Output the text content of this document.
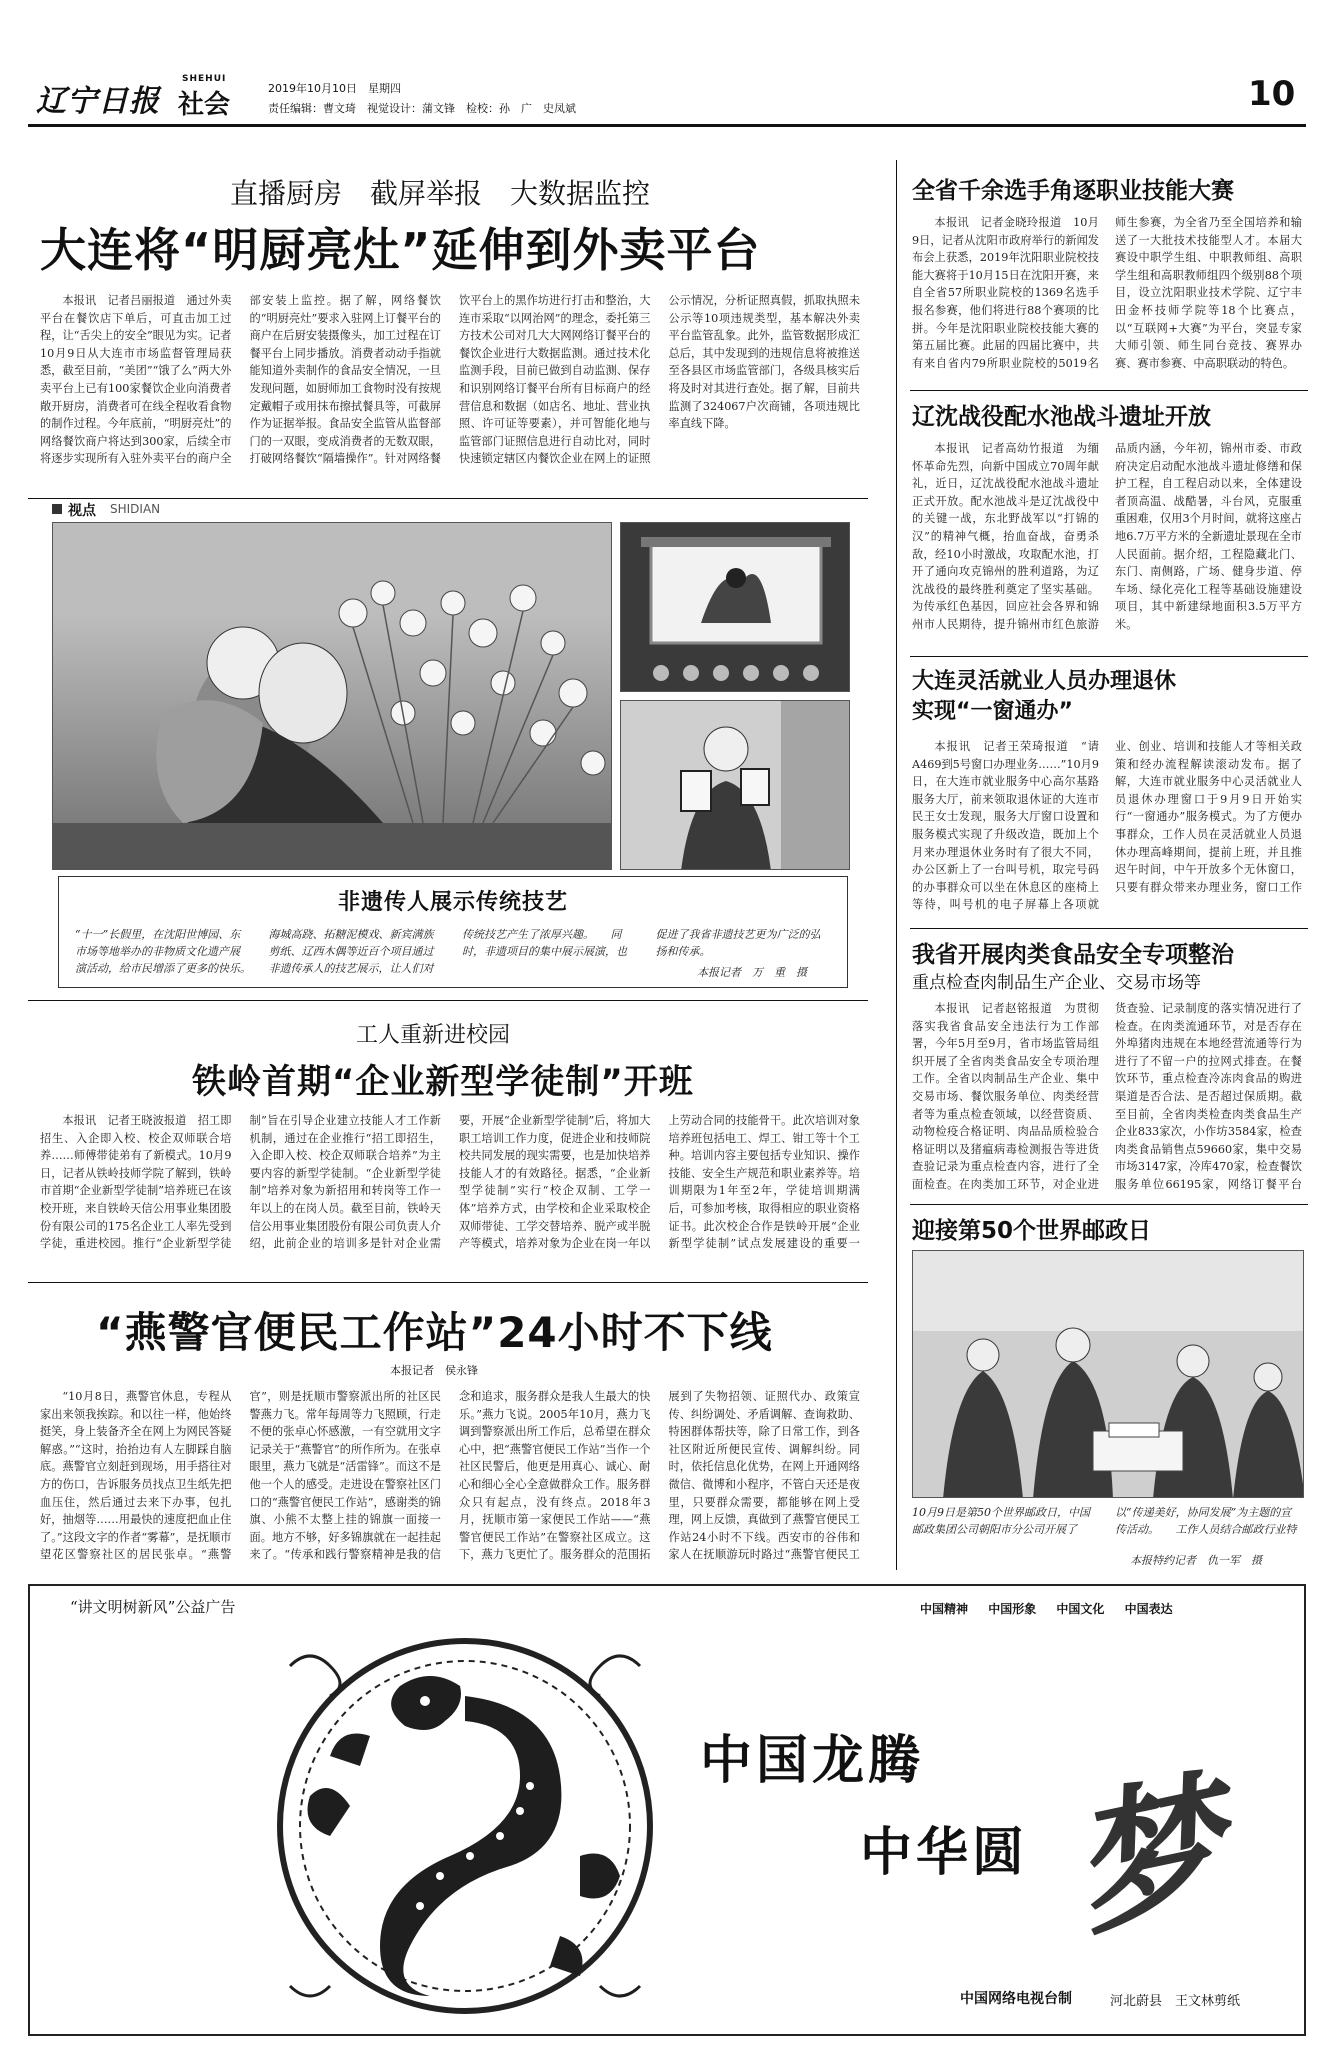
辽宁日报
SHEHUI
社会
2019年10月10日　星期四
责任编辑：曹文琦　视觉设计：蒲文锋　检校：孙　广　史凤斌	10
直播厨房　截屏举报　大数据监控
大连将“明厨亮灶”延伸到外卖平台
本报讯　记者吕丽报道　通过外卖平台在餐饮店下单后，可直击加工过程，让“舌尖上的安全”眼见为实。记者10月9日从大连市市场监督管理局获悉，截至目前，“美团”“饿了么”两大外卖平台上已有100家餐饮企业向消费者敞开厨房，消费者可在线全程收看食物的制作过程。今年底前，“明厨亮灶”的网络餐饮商户将达到300家，后续全市将逐步实现所有入驻外卖平台的商户全部安装上监控。据了解，网络餐饮的“明厨亮灶”要求入驻网上订餐平台的商户在后厨安装摄像头，加工过程在订餐平台上同步播放。消费者动动手指就能知道外卖制作的食品安全情况，一旦发现问题，如厨师加工食物时没有按规定戴帽子或用抹布擦拭餐具等，可截屏作为证据举报。食品安全监管从监督部门的一双眼，变成消费者的无数双眼，打破网络餐饮“隔墙操作”。针对网络餐饮平台上的黑作坊进行打击和整治，大连市采取“以网治网”的理念，委托第三方技术公司对几大大网网络订餐平台的餐饮企业进行大数据监测。通过技术化监测手段，目前已做到自动监测、保存和识别网络订餐平台所有目标商户的经营信息和数据（如店名、地址、营业执照、许可证等要素），并可智能化地与监管部门证照信息进行自动比对，同时快速锁定辖区内餐饮企业在网上的证照公示情况，分析证照真假，抓取执照未公示等10项违规类型，基本解决外卖平台监管乱象。此外，监管数据形成汇总后，其中发现到的违规信息将被推送至各县区市场监管部门，各级具核实后将及时对其进行查处。据了解，目前共监测了324067户次商铺，各项违规比率直线下降。
视点 SHIDIAN
非遗传人展示传统技艺
“十一”长假里，在沈阳世博园、东市场等地举办的非物质文化遗产展演活动，给市民增添了更多的快乐。　　海城高跷、拓糖泥模戏、新宾满族剪纸、辽西木偶等近百个项目通过非遗传承人的技艺展示，让人们对传统技艺产生了浓厚兴趣。　　同时，非遗项目的集中展示展演，也促进了我省非遗技艺更为广泛的弘扬和传承。
本报记者　万　重　摄
工人重新进校园
铁岭首期“企业新型学徒制”开班
本报讯　记者王晓波报道　招工即招生、入企即入校、校企双师联合培养……师傅带徒弟有了新模式。10月9日，记者从铁岭技师学院了解到，铁岭市首期“企业新型学徒制”培养班已在该校开班，来自铁岭天信公用事业集团股份有限公司的175名企业工人率先受到学徒，重进校园。推行“企业新型学徒制”旨在引导企业建立技能人才工作新机制，通过在企业推行“招工即招生，入企即入校、校企双师联合培养”为主要内容的新型学徒制。“企业新型学徒制”培养对象为新招用和转岗等工作一年以上的在岗人员。截至目前，铁岭天信公用事业集团股份有限公司负责人介绍，此前企业的培训多是针对企业需要，开展“企业新型学徒制”后，将加大职工培训工作力度，促进企业和技师院校共同发展的现实需要，也是加快培养技能人才的有效路径。据悉，“企业新型学徒制”实行“校企双制、工学一体”培养方式，由学校和企业采取校企双师带徒、工学交替培养、脱产或半脱产等模式，培养对象为企业在岗一年以上劳动合同的技能骨干。此次培训对象培养班包括电工、焊工、钳工等十个工种。培训内容主要包括专业知识、操作技能、安全生产规范和职业素养等。培训期限为1年至2年，学徒培训期满后，可参加考核，取得相应的职业资格证书。此次校企合作是铁岭开展“企业新型学徒制”试点发展建设的重要一
“燕警官便民工作站”24小时不下线
本报记者　侯永锋
“10月8日，燕警官休息，专程从家出来领我挨踪。和以往一样，他始终挺笑，身上装备齐全在网上为网民答疑解惑。”“这时，抬抬边有人左脚踩自脑底。燕警官立刻赶到现场，用手搭往对方的伤口，告诉服务员找点卫生纸先把血压住，然后通过去来下办事，包扎好，抽烟等……用最快的速度把血止住了。”这段文字的作者“雾幕”，是抚顺市望花区警察社区的居民张卓。“燕警官”，则是抚顺市警察派出所的社区民警燕力飞。常年每周等力飞照顾，行走不便的张卓心怀感激，一有空就用文字记录关于“燕警官”的所作所为。在张卓眼里，燕力飞就是“活雷锋”。而这不是他一个人的感受。走进设在警察社区门口的“燕警官便民工作站”，感谢类的锦旗、小熊不太整上挂的锦旗一面接一面。地方不够，好多锦旗就在一起挂起来了。“传承和践行警察精神是我的信念和追求，服务群众是我人生最大的快乐。”燕力飞说。2005年10月，燕力飞调到警察派出所工作后，总希望在群众心中，把“燕警官便民工作站”当作一个社区民警后，他更是用真心、诚心、耐心和细心全心全意做群众工作。服务群众只有起点，没有终点。2018年3月，抚顺市第一家便民工作站——“燕警官便民工作站”在警察社区成立。这下，燕力飞更忙了。服务群众的范围拓展到了失物招领、证照代办、政策宣传、纠纷调处、矛盾调解、查询救助、特困群体帮扶等，除了日常工作，到各社区附近所便民宣传、调解纠纷。同时，依托信息化优势，在网上开通网络微信、微博和小程序，不管白天还是夜里，只要群众需要，都能够在网上受理，网上反馈，真做到了燕警官便民工作站24小时不下线。西安市的谷伟和家人在抚顺游玩时路过“燕警官便民工
全省千余选手角逐职业技能大赛
本报讯　记者金晓玲报道　10月9日，记者从沈阳市政府举行的新闻发布会上获悉，2019年沈阳职业院校技能大赛将于10月15日在沈阳开赛，来自全省57所职业院校的1369名选手报名参赛，他们将进行88个赛项的比拼。今年是沈阳职业院校技能大赛的第五届比赛。此届的四届比赛中，共有来自省内79所职业院校的5019名师生参赛，为全省乃至全国培养和输送了一大批技术技能型人才。本届大赛设中职学生组、中职教师组、高职学生组和高职教师组四个级别88个项目，设立沈阳职业技术学院、辽宁丰田金杯技师学院等18个比赛点，以“互联网+大赛”为平台，突显专家大师引领、师生同台竞技、赛界办赛、赛市参赛、中高职联动的特色。
辽沈战役配水池战斗遗址开放
本报讯　记者高幼竹报道　为缅怀革命先烈，向新中国成立70周年献礼，近日，辽沈战役配水池战斗遗址正式开放。配水池战斗是辽沈战役中的关键一战，东北野战军以“打锦的汉”的精神气概，抬血奋战，奋勇杀敌，经10小时激战，攻取配水池，打开了通向攻克锦州的胜利道路，为辽沈战役的最终胜利奠定了坚实基础。为传承红色基因，回应社会各界和锦州市人民期待，提升锦州市红色旅游品质内涵，今年初，锦州市委、市政府决定启动配水池战斗遗址修缮和保护工程，自工程启动以来，全体建设者顶高温、战酷暑，斗台风，克服重重困难，仅用3个月时间，就将这座占地6.7万平方米的全新遗址景现在全市人民面前。据介绍，工程隐藏北门、东门、南侧路，广场、健身步道、停车场、绿化亮化工程等基础设施建设项目，其中新建绿地面积3.5万平方米。
大连灵活就业人员办理退休
实现“一窗通办”
本报讯　记者王荣琦报道　“请A469到5号窗口办理业务……”10月9日，在大连市就业服务中心高尔基路服务大厅，前来领取退休证的大连市民王女士发现，服务大厅窗口设置和服务模式实现了升级改造，既加上个月来办理退休业务时有了很大不同，办公区新上了一台叫号机，取完号码的办事群众可以坐在休息区的座椅上等待，叫号机的电子屏幕上各项就业、创业、培训和技能人才等相关政策和经办流程解读滚动发布。据了解，大连市就业服务中心灵活就业人员退休办理窗口于9月9日开始实行“一窗通办”服务模式。为了方便办事群众，工作人员在灵活就业人员退休办理高峰期间，提前上班，并且推迟午时间，中午开放多个无休窗口，只要有群众带来办理业务，窗口工作
我省开展肉类食品安全专项整治
重点检查肉制品生产企业、交易市场等
本报讯　记者赵铭报道　为贯彻落实我省食品安全违法行为工作部署，今年5月至9月，省市场监管局组织开展了全省肉类食品安全专项治理工作。全省以肉制品生产企业、集中交易市场、餐饮服务单位、肉类经营者等为重点检查领域，以经营资质、动物检疫合格证明、肉品品质检验合格证明以及猪瘟病毒检测报告等进货查验记录为重点检查内容，进行了全面检查。在肉类加工环节，对企业进货查验、记录制度的落实情况进行了检查。在肉类流通环节，对是否存在外埠猪肉违规在本地经营流通等行为进行了不留一户的拉网式排查。在餐饮环节，重点检查冷冻肉食品的购进渠道是否合法、是否超过保质期。截至目前，全省肉类检查肉类食品生产企业833家次，小作坊3584家，检查肉类食品销售点59660家，集中交易市场3147家，冷库470家，检查餐饮服务单位66195家，网络订餐平台
迎接第50个世界邮政日
10月9日是第50个世界邮政日，中国邮政集团公司朝阳市分公司开展了以“传递美好，协同发展”为主题的宣传活动。　　工作人员结合邮政行业特
本报特约记者　仇一军　摄
“讲文明树新风”公益广告	中国精神 中国形象 中国文化 中国表达
中国龙腾
中华圆 梦
中国网络电视台制	河北蔚县　王文林剪纸
